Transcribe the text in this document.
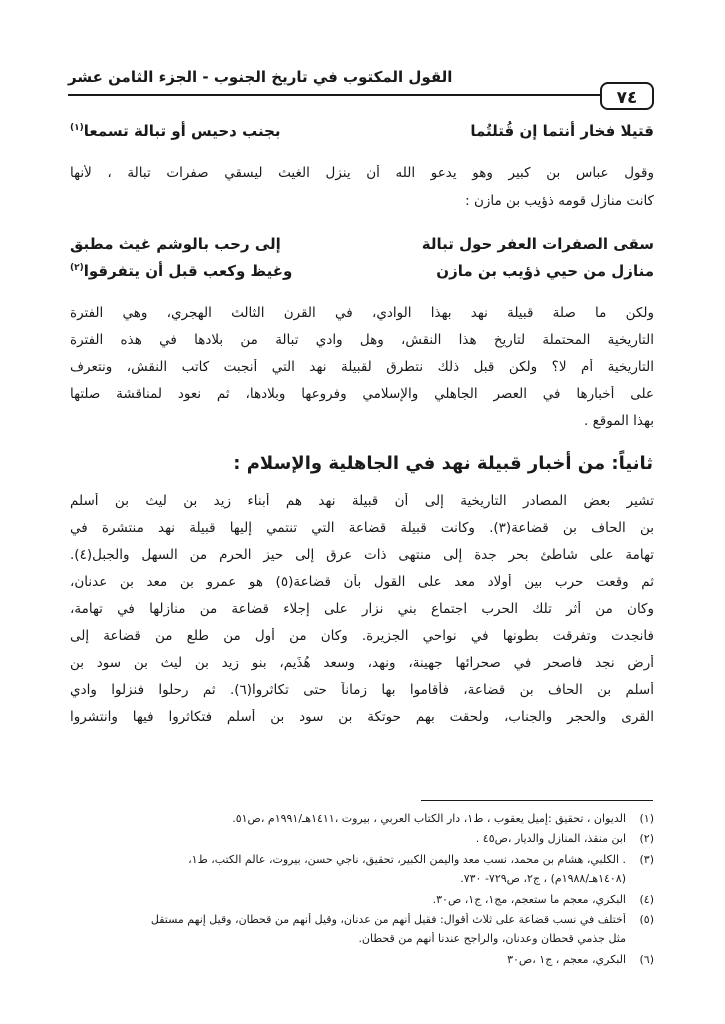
القول المكتوب في تاريخ الجنوب - الجزء الثامن عشر
٧٤
قتيلا فخار أنتما إن قُتلتُما
بجنب دحيس أو تبالة تسمعا$^{(١)}$
وقول عباس بن كبير وهو يدعو الله أن ينزل الغيث ليسقي صفرات تبالة ، لأنها
كانت منازل قومه ذؤيب بن مازن :
سقى الصفرات العفر حول تبالة
إلى رحب بالوشم غيث مطبق
منازل من حيي ذؤيب بن مازن
وغيظ وكعب قبل أن يتفرقوا$^{(٢)}$
ولكن ما صلة قبيلة نهد بهذا الوادي، في القرن الثالث الهجري، وهي الفترة
التاريخية المحتملة لتاريخ هذا النقش، وهل وادي تبالة من بلادها في هذه الفترة
التاريخية أم لا؟ ولكن قبل ذلك نتطرق لقبيلة نهد التي أنجبت كاتب النقش، ونتعرف
على أخبارها في العصر الجاهلي والإسلامي وفروعها وبلادها، ثم نعود لمناقشة صلتها
بهذا الموقع .
ثانياً: من أخبار قبيلة نهد في الجاهلية والإسلام :
تشير بعض المصادر التاريخية إلى أن قبيلة نهد هم أبناء زيد بن ليث بن أسلم
بن الحاف بن قضاعة(٣). وكانت قبيلة قضاعة التي تنتمي إليها قبيلة نهد منتشرة في
تهامة على شاطئ بحر جدة إلى منتهى ذات عرق إلى حيز الحرم من السهل والجبل(٤).
ثم وقعت حرب بين أولاد معد على القول بأن قضاعة(٥) هو عمرو بن معد بن عدنان،
وكان من أثر تلك الحرب اجتماع بني نزار على إجلاء قضاعة من منازلها في تهامة،
فانجدت وتفرقت بطونها في نواحي الجزيرة. وكان من أول من طلع من قضاعة إلى
أرض نجد فاصحر في صحرائها جهينة، ونهد، وسعد هُذَيم، بنو زيد بن ليث بن سود بن
أسلم بن الحاف بن قضاعة، فأقاموا بها زماناً حتى تكاثروا(٦). ثم رحلوا فنزلوا وادي
القرى والحجر والجناب، ولحقت بهم حوتكة بن سود بن أسلم فتكاثروا فيها وانتشروا
(١)الديوان ، تحقيق :إميل يعقوب ، ط١، دار الكتاب العربي ، بيروت ،١٤١١هـ/١٩٩١م ،ص٥١.
(٢)ابن منقذ، المنازل والديار ،ص٤٥ .
(٣). الكلبي، هشام بن محمد، نسب معد واليمن الكبير، تحقيق، ناجي حسن، بيروت، عالم الكتب، ط١،
(١٤٠٨هـ/١٩٨٨م) ، ج٢، ص٧٢٩- ٧٣٠.
(٤)البكري، معجم ما ستعجم، مج١، ج١، ص٣٠.
(٥)أختلف في نسب قضاعة على ثلاث أقوال: فقيل أنهم من عدنان، وقيل أنهم من قحطان، وقيل إنهم مستقل
مثل جذمي قحطان وعدنان، والراجح عندنا أنهم من قحطان.
(٦)البكري، معجم ، ج١ ،ص٣٠
